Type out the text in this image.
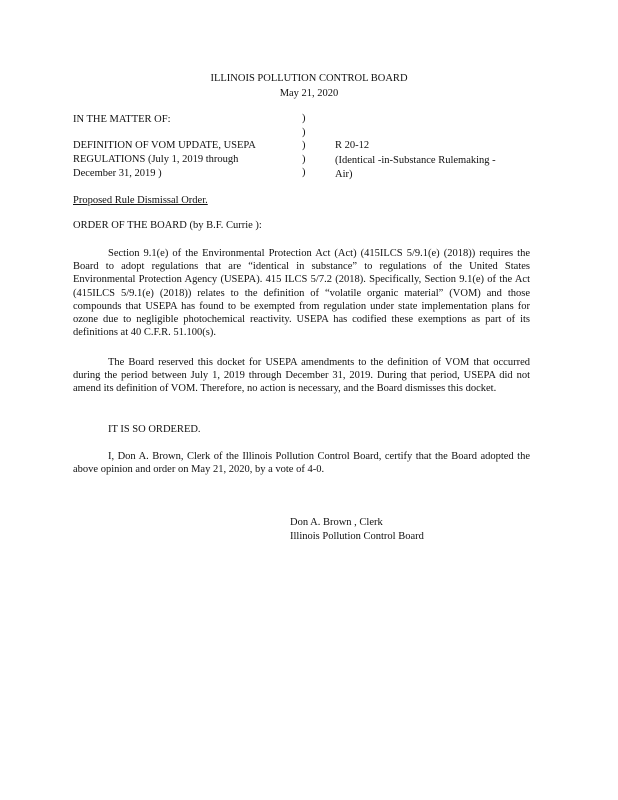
ILLINOIS POLLUTION CONTROL BOARD
May 21, 2020
IN THE MATTER OF:	)
)
)
)
)
DEFINITION OF VOM UPDATE, USEPA
REGULATIONS (July 1, 2019 through
December 31, 2019 )
R 20-12
(Identical -in-Substance Rulemaking -
Air)
Proposed Rule Dismissal Order.
ORDER OF THE BOARD (by B.F. Currie ):

Section 9.1(e) of the Environmental Protection Act (Act) (415ILCS 5/9.1(e) (2018)) requires the Board to adopt regulations that are “identical in substance” to regulations of the United States Environmental Protection Agency (USEPA). 415 ILCS 5/7.2 (2018). Specifically, Section 9.1(e) of the Act (415ILCS 5/9.1(e) (2018)) relates to the definition of “volatile organic material” (VOM) and those compounds that USEPA has found to be exempted from regulation under state implementation plans for ozone due to negligible photochemical reactivity. USEPA has codified these exemptions as part of its definitions at 40 C.F.R. 51.100(s).

The Board reserved this docket for USEPA amendments to the definition of VOM that occurred during the period between July 1, 2019 through December 31, 2019. During that period, USEPA did not amend its definition of VOM. Therefore, no action is necessary, and the Board dismisses this docket.

IT IS SO ORDERED.

I, Don A. Brown, Clerk of the Illinois Pollution Control Board, certify that the Board adopted the above opinion and order on May 21, 2020, by a vote of 4-0.

Don A. Brown , Clerk
Illinois Pollution Control Board
